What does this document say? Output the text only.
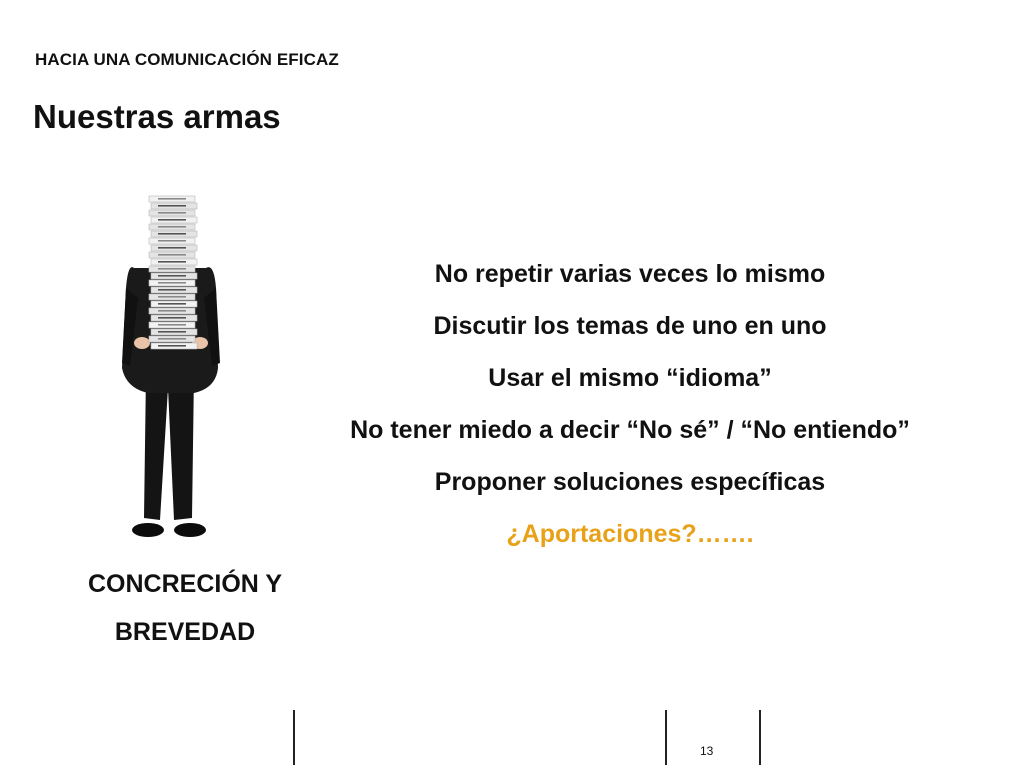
HACIA UNA COMUNICACIÓN EFICAZ
Nuestras armas
CONCRECIÓN Y
BREVEDAD
No repetir varias veces lo mismo
Discutir los temas de uno en uno
Usar el mismo “idioma”
No tener miedo a decir “No sé” / “No entiendo”
Proponer soluciones específicas
¿Aportaciones?…….
13
